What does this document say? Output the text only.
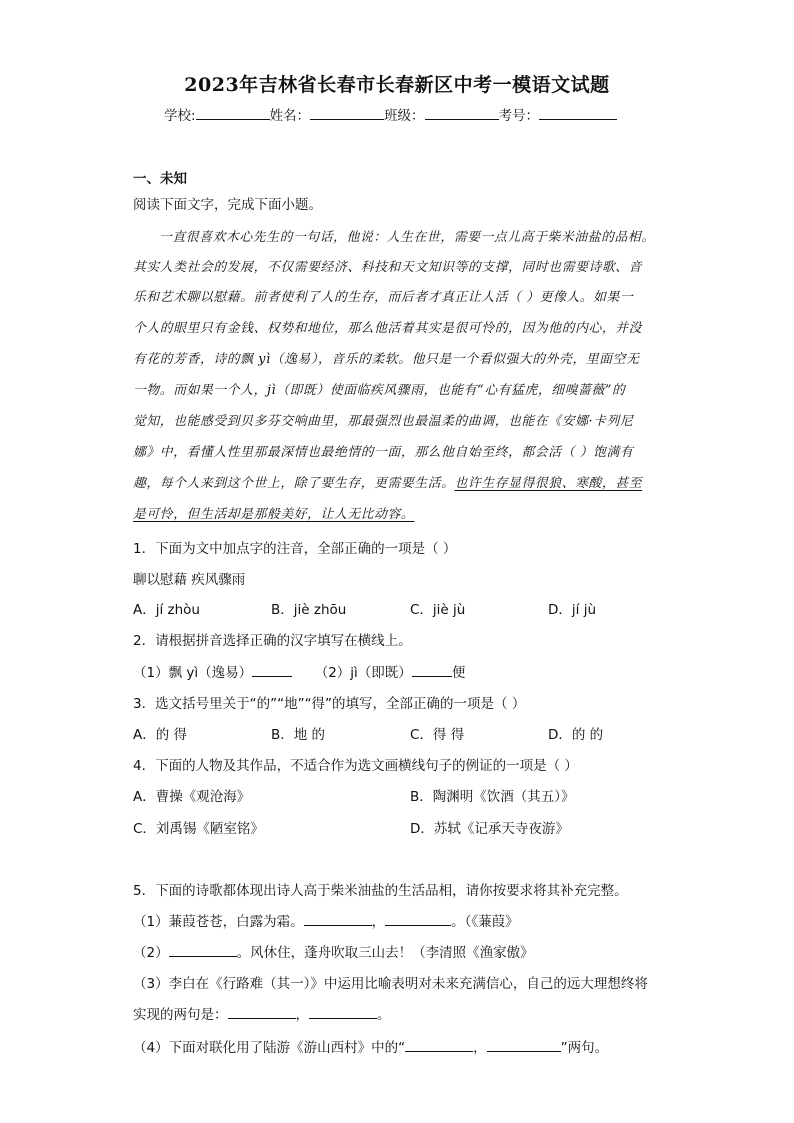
2023年吉林省长春市长春新区中考一模语文试题
学校:	姓名：	班级：	考号：
一、未知
阅读下面文字，完成下面小题。
一直很喜欢木心先生的一句话，他说：人生在世，需要一点儿高于柴米油盐的品相。
其实人类社会的发展，不仅需要经济、科技和天文知识等的支撑，同时也需要诗歌、音
乐和艺术聊以慰藉。前者使利了人的生存，而后者才真正让人活（ ）更像人。如果一
个人的眼里只有金钱、权势和地位，那么他活着其实是很可怜的，因为他的内心，并没
有花的芳香，诗的飘 yì（逸易），音乐的柔软。他只是一个看似强大的外壳，里面空无
一物。而如果一个人，jì（即既）使面临疾风骤雨，也能有“心有猛虎，细嗅蔷薇”的
觉知，也能感受到贝多芬交响曲里，那最强烈也最温柔的曲调，也能在《安娜·卡列尼
娜》中，看懂人性里那最深情也最绝情的一面，那么他自始至终，都会活（ ）饱满有
趣，每个人来到这个世上，除了要生存，更需要生活。也许生存显得很狼、寒酸，甚至
是可怜，但生活却是那般美好，让人无比动容。
1．下面为文中加点字的注音，全部正确的一项是（ ）
聊以慰藉 疾风骤雨
A．jí zhòu	B．jiè zhōu	C．jiè jù	D．jí jù
2．请根据拼音选择正确的汉字填写在横线上。
（1）飘 yì（逸易）	（2）jì（即既）	便
3．选文括号里关于“的”“地”“得”的填写，全部正确的一项是（ ）
A．的 得	B．地 的	C．得 得	D．的 的
4．下面的人物及其作品，不适合作为选文画横线句子的例证的一项是（ ）
A．曹操《观沧海》	B．陶渊明《饮酒（其五）》
C．刘禹锡《陋室铭》	D．苏轼《记承天寺夜游》
5．下面的诗歌都体现出诗人高于柴米油盐的生活品相，请你按要求将其补充完整。
（1）蒹葭苍苍，白露为霜。	，	。（《蒹葭》
（2）	。风休住，蓬舟吹取三山去！（李清照《渔家傲》
（3）李白在《行路难（其一）》中运用比喻表明对未来充满信心，自己的远大理想终将
实现的两句是：	，	。
（4）下面对联化用了陆游《游山西村》中的“	，	”两句。
